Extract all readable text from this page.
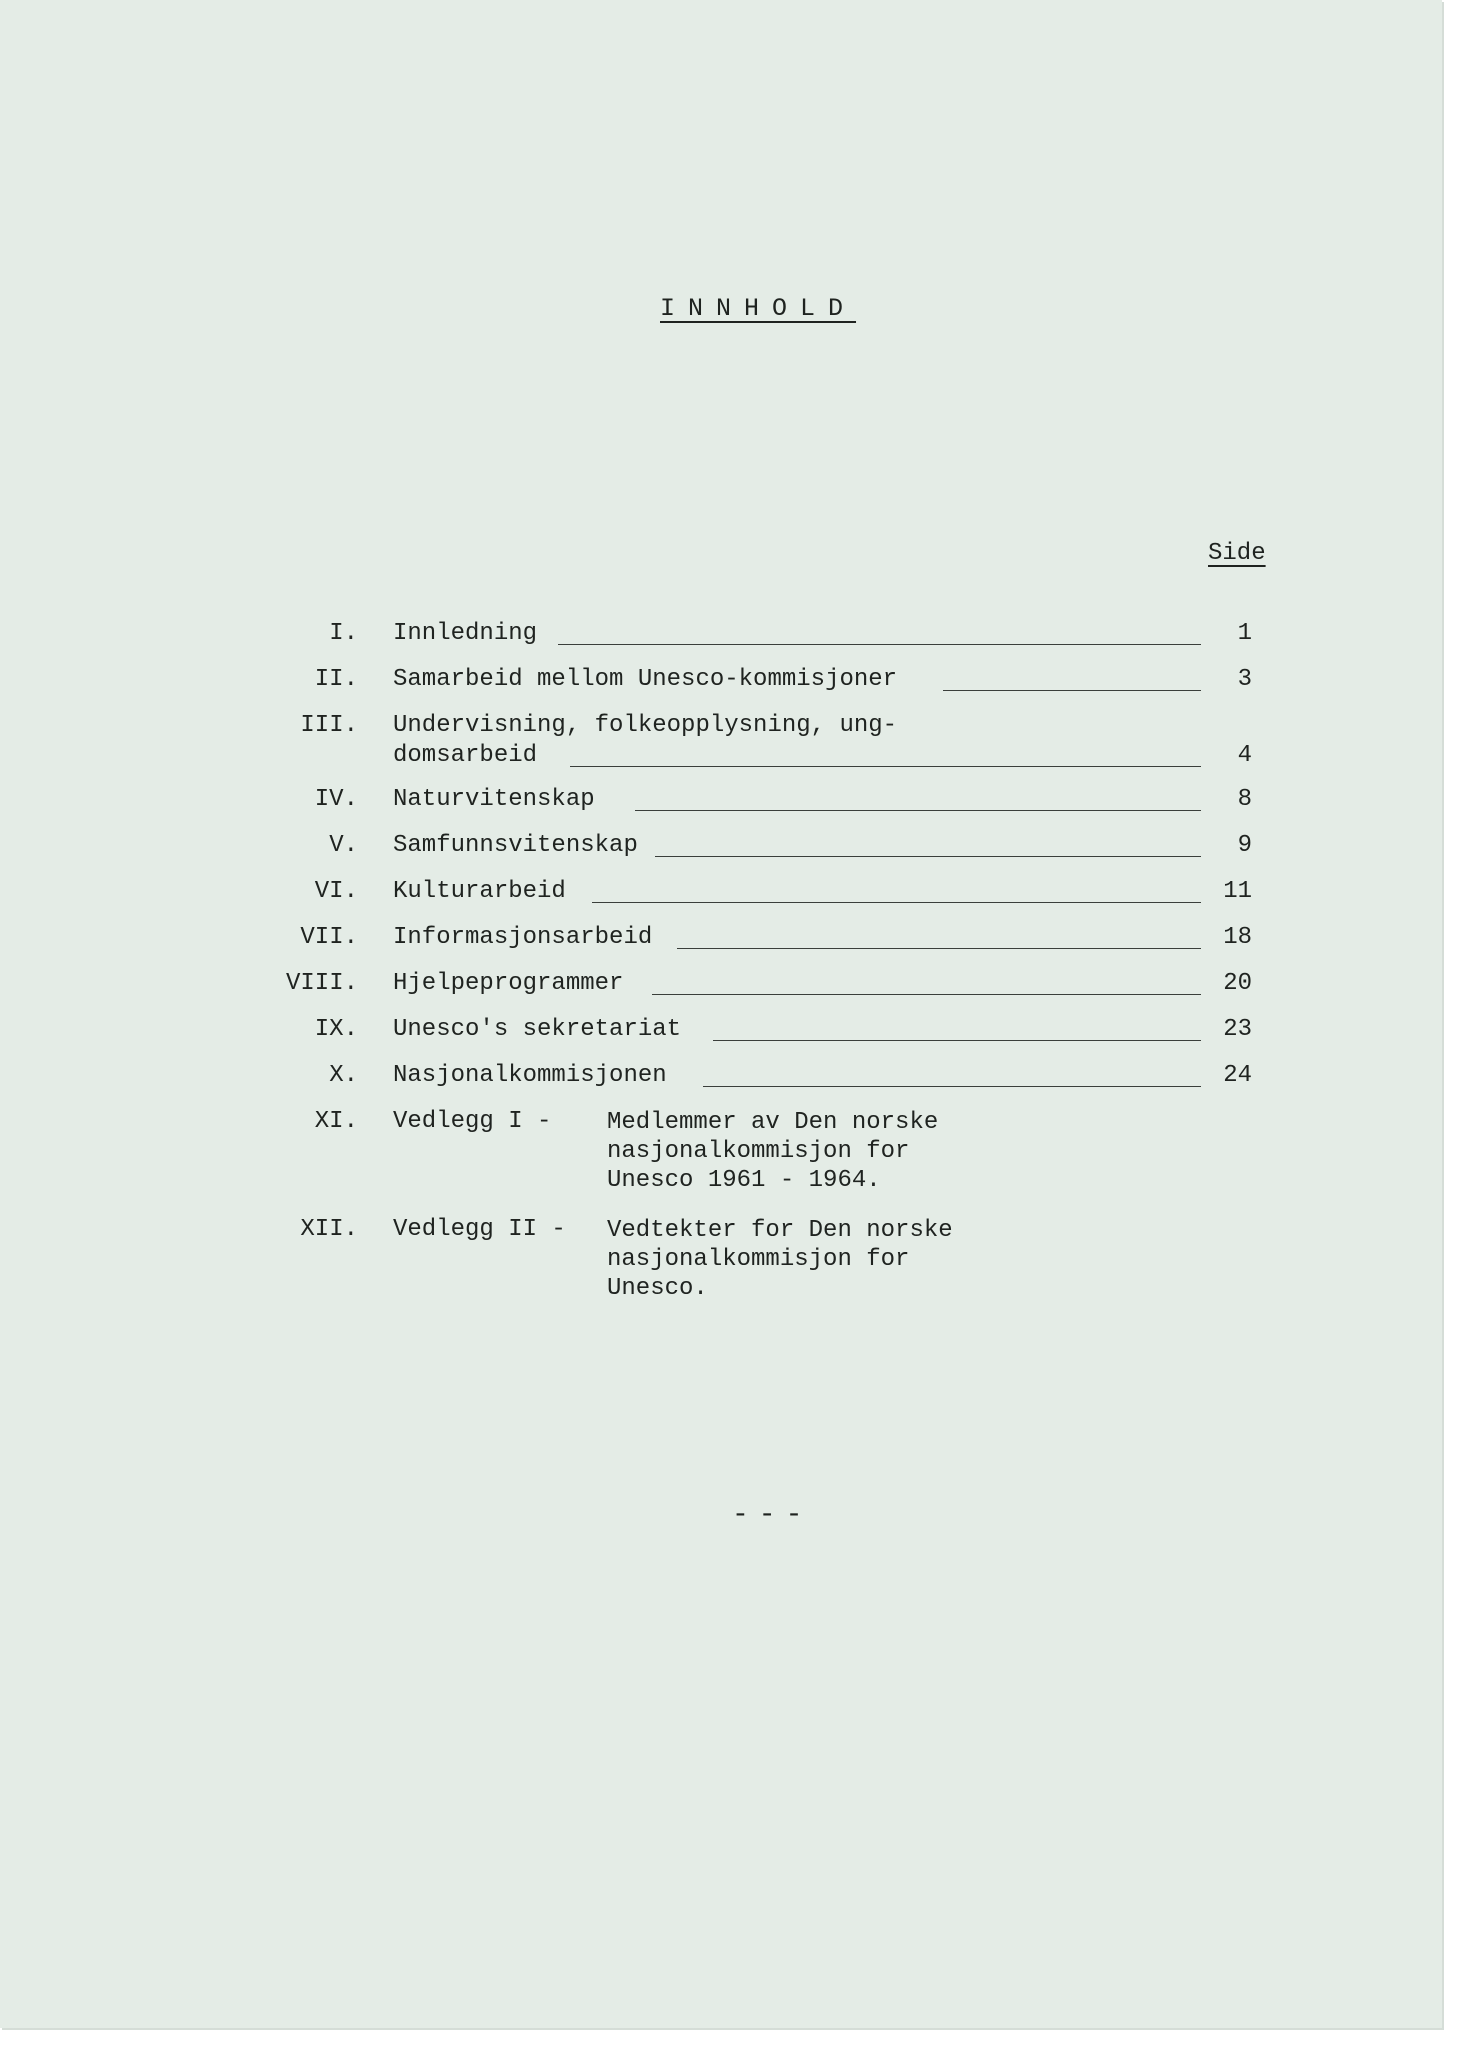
INNHOLD
Side
I. Innledning	1
II. Samarbeid mellom Unesco-kommisjoner	3
III. Undervisning, folkeopplysning, ung-
domsarbeid	4
IV. Naturvitenskap	8
V. Samfunnsvitenskap	9
VI. Kulturarbeid	11
VII. Informasjonsarbeid	18
VIII. Hjelpeprogrammer	20
IX. Unesco's sekretariat	23
X. Nasjonalkommisjonen	24
XI. Vedlegg I - Medlemmer av Den norske
nasjonalkommisjon for
Unesco 1961 - 1964.
XII. Vedlegg II - Vedtekter for Den norske
nasjonalkommisjon for
Unesco.
---
